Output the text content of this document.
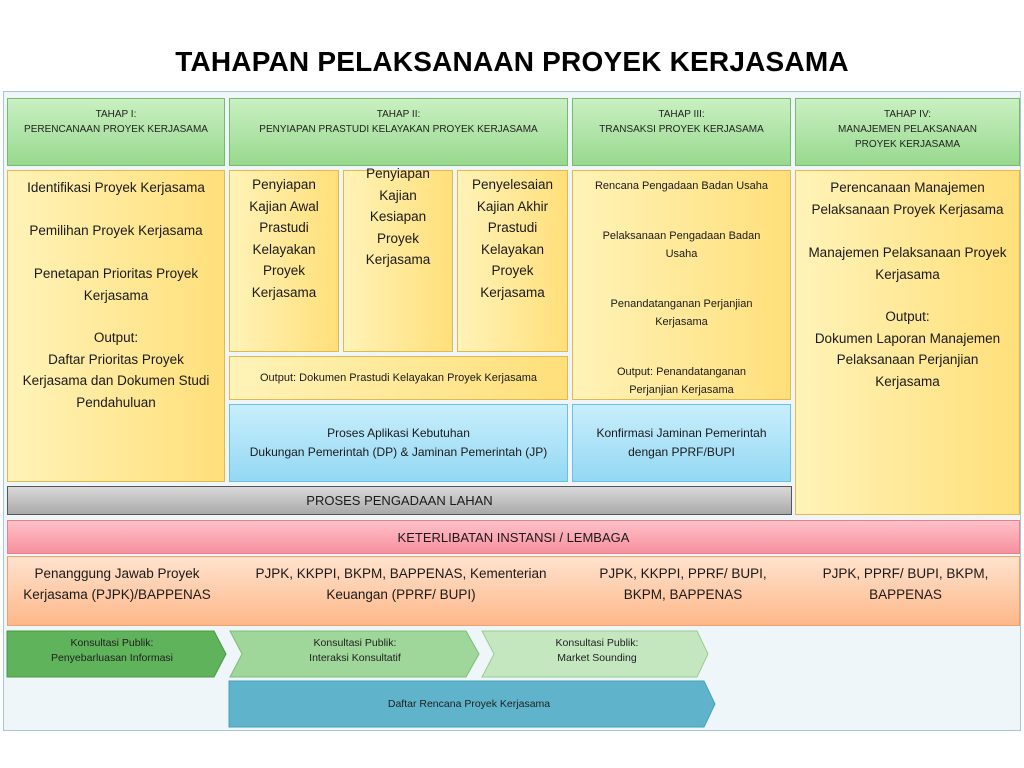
TAHAPAN PELAKSANAAN PROYEK KERJASAMA
TAHAP I:
PERENCANAAN PROYEK KERJASAMA
TAHAP II:
PENYIAPAN PRASTUDI KELAYAKAN PROYEK KERJASAMA
TAHAP III:
TRANSAKSI PROYEK KERJASAMA
TAHAP IV:
MANAJEMEN PELAKSANAAN
PROYEK KERJASAMA
Identifikasi Proyek Kerjasama
Pemilihan Proyek Kerjasama
Penetapan Prioritas Proyek Kerjasama
Output:
Daftar Prioritas Proyek Kerjasama dan Dokumen Studi Pendahuluan
Penyiapan
Kajian Awal
Prastudi
Kelayakan
Proyek
Kerjasama
Penyiapan
Kajian
Kesiapan
Proyek
Kerjasama
Penyelesaian
Kajian Akhir
Prastudi
Kelayakan
Proyek
Kerjasama
Output: Dokumen Prastudi Kelayakan Proyek Kerjasama
Proses Aplikasi Kebutuhan
Dukungan Pemerintah (DP) & Jaminan Pemerintah (JP)
Rencana Pengadaan Badan Usaha
Pelaksanaan Pengadaan Badan
Usaha
Penandatanganan Perjanjian
Kerjasama
Output: Penandatanganan
Perjanjian Kerjasama
Konfirmasi Jaminan Pemerintah
dengan PPRF/BUPI
Perencanaan Manajemen
Pelaksanaan Proyek Kerjasama
Manajemen Pelaksanaan Proyek
Kerjasama
Output:
Dokumen Laporan Manajemen
Pelaksanaan Perjanjian
Kerjasama
PROSES PENGADAAN LAHAN
KETERLIBATAN INSTANSI / LEMBAGA
Penanggung Jawab Proyek
Kerjasama (PJPK)/BAPPENAS
PJPK, KKPPI, BKPM, BAPPENAS, Kementerian
Keuangan (PPRF/ BUPI)
PJPK, KKPPI, PPRF/ BUPI,
BKPM, BAPPENAS
PJPK, PPRF/ BUPI, BKPM,
BAPPENAS
Konsultasi Publik:
Penyebarluasan Informasi
Konsultasi Publik:
Interaksi Konsultatif
Konsultasi Publik:
Market Sounding
Daftar Rencana Proyek Kerjasama
